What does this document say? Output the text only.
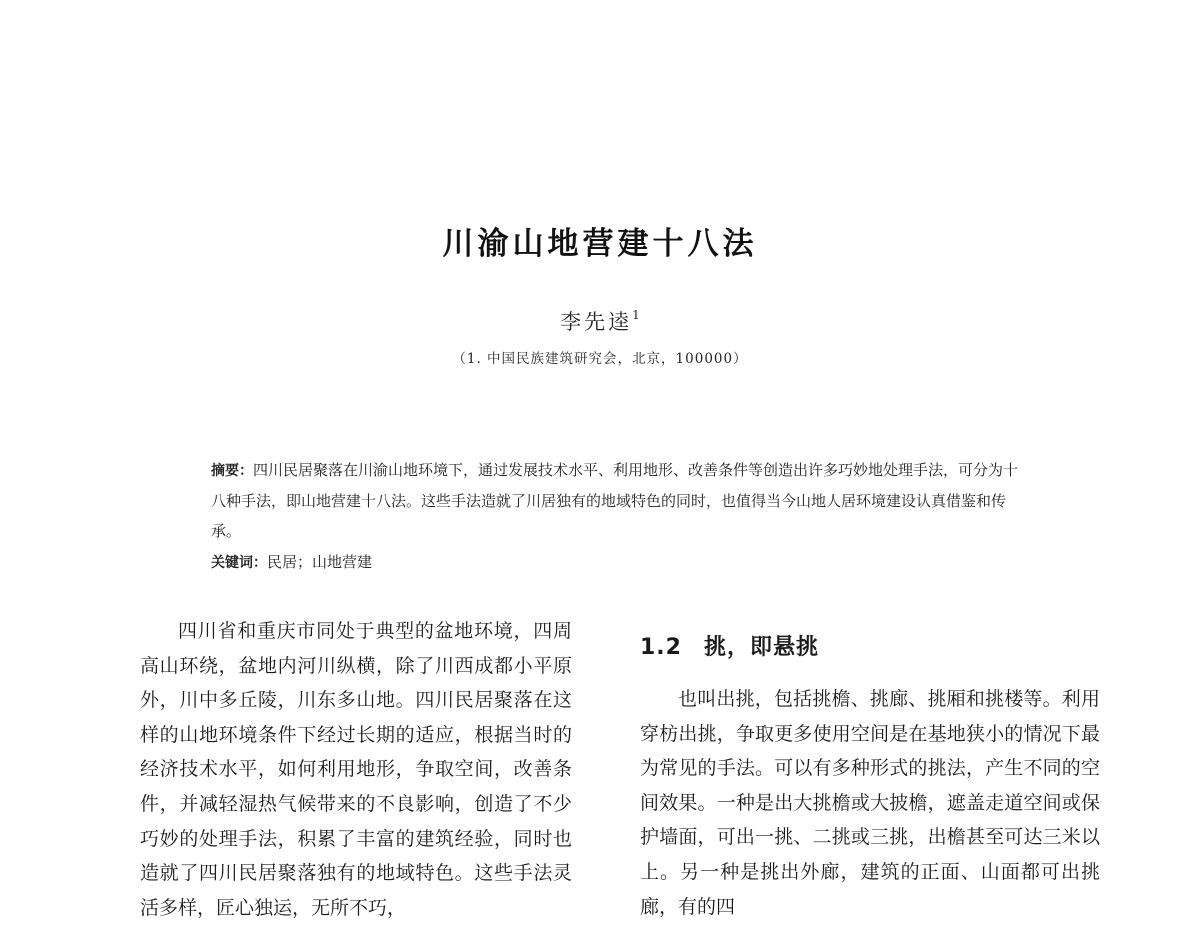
川渝山地营建十八法
李先逵$^1$
（1. 中国民族建筑研究会，北京，100000）

摘要：四川民居聚落在川渝山地环境下，通过发展技术水平、利用地形、改善条件等创造出许多巧妙地处理手法，可分为十八种手法，即山地营建十八法。这些手法造就了川居独有的地域特色的同时，也值得当今山地人居环境建设认真借鉴和传承。

关键词：民居；山地营建

四川省和重庆市同处于典型的盆地环境，四周高山环绕，盆地内河川纵横，除了川西成都小平原外，川中多丘陵，川东多山地。四川民居聚落在这样的山地环境条件下经过长期的适应，根据当时的经济技术水平，如何利用地形，争取空间，改善条件，并减轻湿热气候带来的不良影响，创造了不少巧妙的处理手法，积累了丰富的建筑经验，同时也造就了四川民居聚落独有的地域特色。这些手法灵活多样，匠心独运，无所不巧，

1.2 挑，即悬挑

也叫出挑，包括挑檐、挑廊、挑厢和挑楼等。利用穿枋出挑，争取更多使用空间是在基地狭小的情况下最为常见的手法。可以有多种形式的挑法，产生不同的空间效果。一种是出大挑檐或大披檐，遮盖走道空间或保护墙面，可出一挑、二挑或三挑，出檐甚至可达三米以上。另一种是挑出外廊，建筑的正面、山面都可出挑廊，有的四
